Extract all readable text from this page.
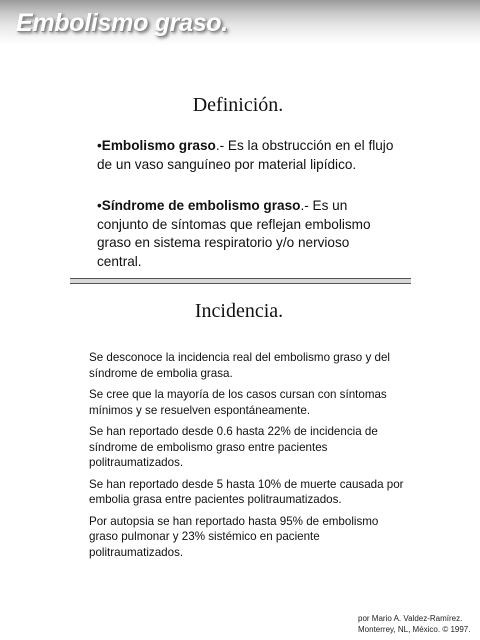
Embolismo graso.
Definición.
•Embolismo graso.- Es la obstrucción en el flujo de un vaso sanguíneo por material lipídico.
•Síndrome de embolismo graso.- Es un conjunto de síntomas que reflejan embolismo graso en sistema respiratorio y/o nervioso central.
Incidencia.

Se desconoce la incidencia real del embolismo graso y del síndrome de embolia grasa.

Se cree que la mayoría de los casos cursan con síntomas mínimos y se resuelven espontáneamente.

Se han reportado desde 0.6 hasta 22% de incidencia de síndrome de embolismo graso entre pacientes politraumatizados.

Se han reportado desde 5 hasta 10% de muerte causada por embolia grasa entre pacientes politraumatizados.

Por autopsia se han reportado hasta 95% de embolismo graso pulmonar y 23% sistémico en paciente politraumatizados.

por Mario A. Valdez-Ramírez.
Monterrey, NL, México. © 1997.
